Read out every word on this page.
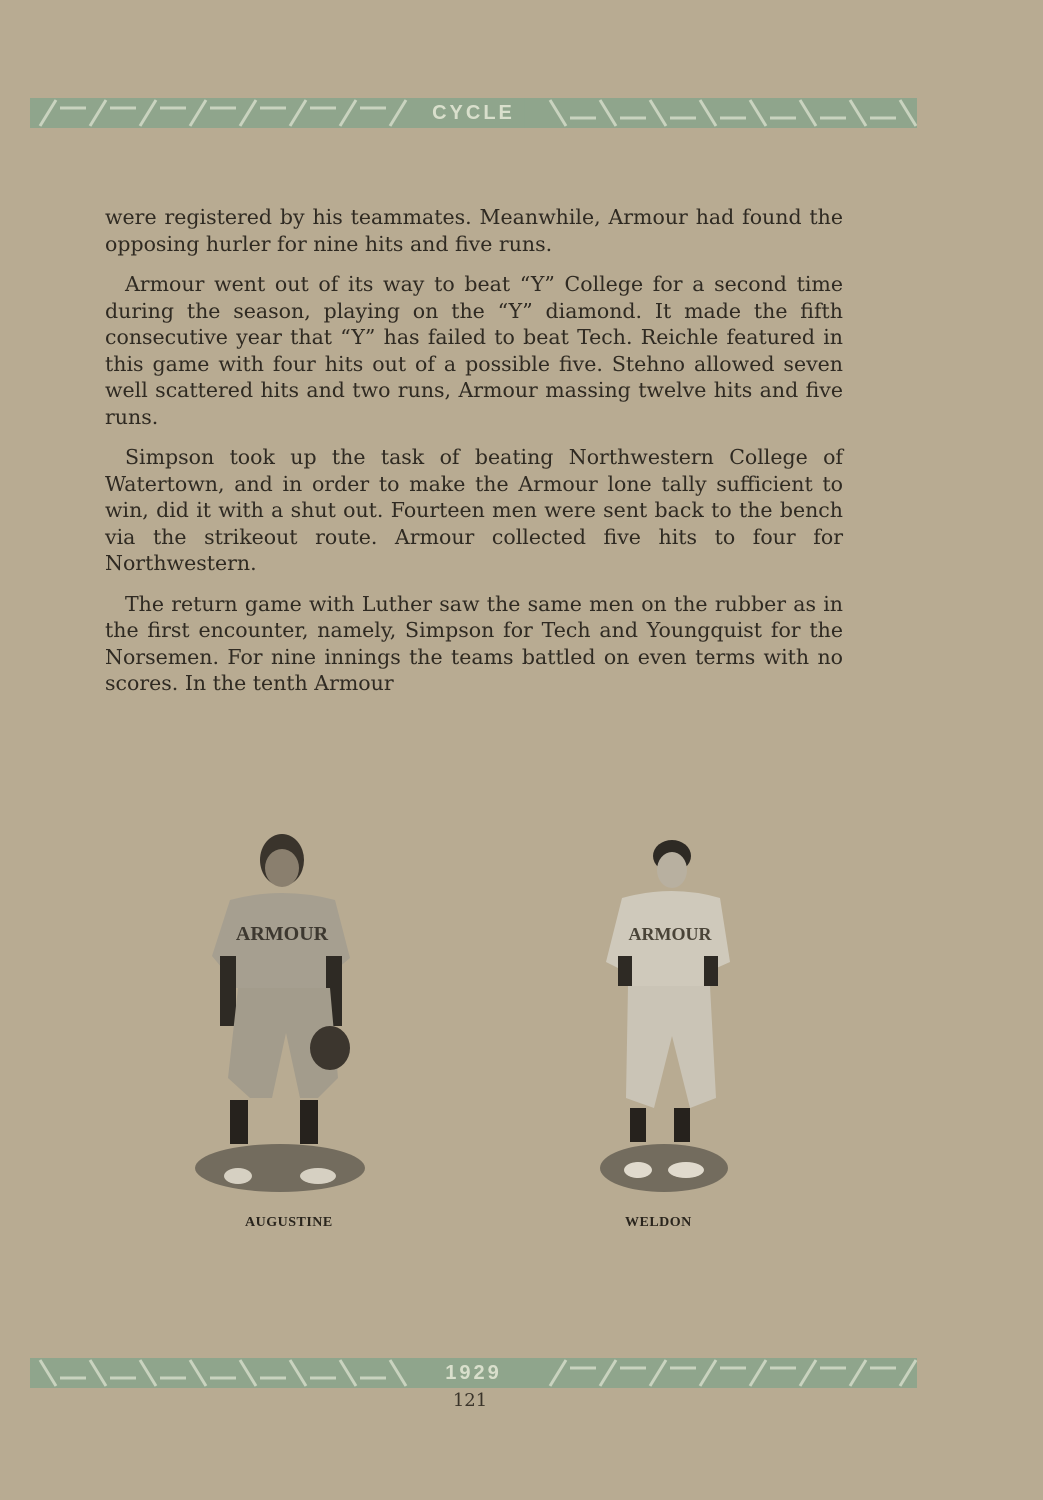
CYCLE

were registered by his teammates. Meanwhile, Armour had found the opposing hurler for nine hits and five runs.

Armour went out of its way to beat “Y” College for a second time during the season, playing on the “Y” diamond. It made the fifth consecutive year that “Y” has failed to beat Tech. Reichle featured in this game with four hits out of a possible five. Stehno allowed seven well scattered hits and two runs, Armour massing twelve hits and five runs.

Simpson took up the task of beating Northwestern College of Watertown, and in order to make the Armour lone tally sufficient to win, did it with a shut out. Fourteen men were sent back to the bench via the strikeout route. Armour collected five hits to four for Northwestern.

The return game with Luther saw the same men on the rubber as in the first encounter, namely, Simpson for Tech and Youngquist for the Norsemen. For nine innings the teams battled on even terms with no scores. In the tenth Armour

ARMOUR
AUGUSTINE
ARMOUR
WELDON
1929
121
